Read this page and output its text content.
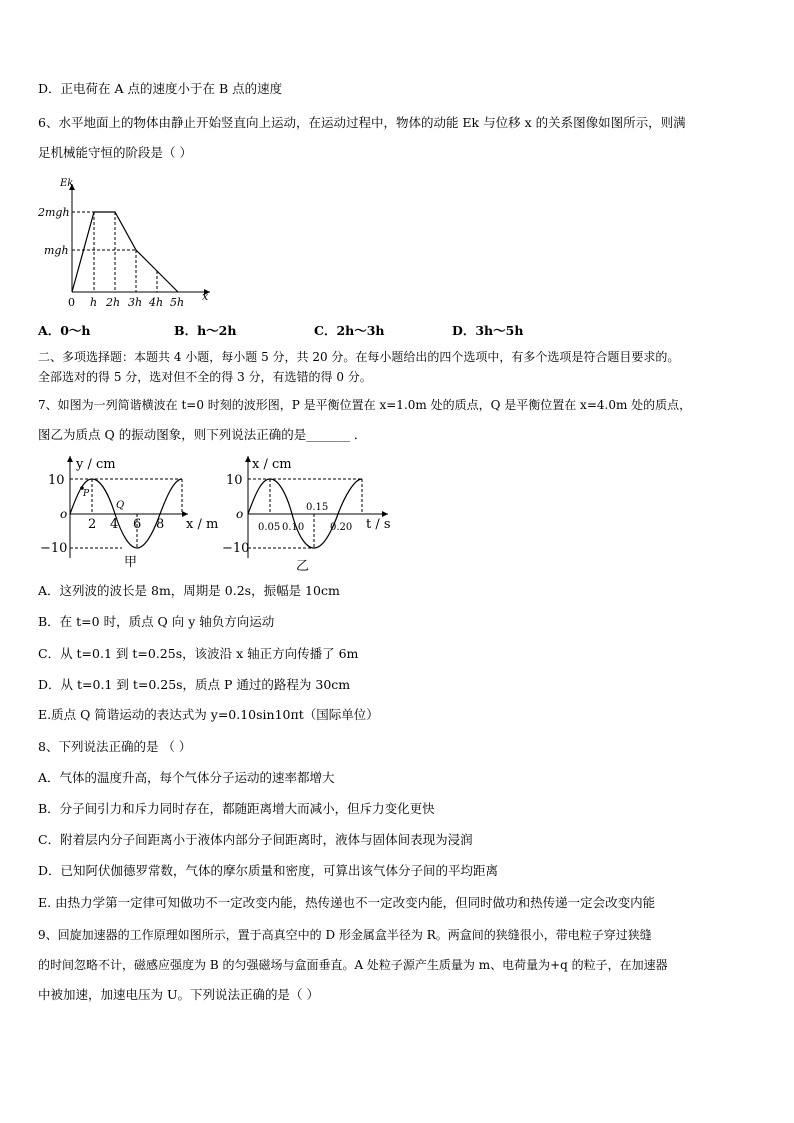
D．正电荷在 A 点的速度小于在 B 点的速度
6、水平地面上的物体由静止开始竖直向上运动，在运动过程中，物体的动能 Ek 与位移 x 的关系图像如图所示，则满
足机械能守恒的阶段是（ ）
Ek
x
0
2mgh
mgh
h 2h 3h 4h 5h
A．0～h	B．h～2h	C．2h～3h	D．3h～5h
二、多项选择题：本题共 4 小题，每小题 5 分，共 20 分。在每小题给出的四个选项中，有多个选项是符合题目要求的。
全部选对的得 5 分，选对但不全的得 3 分，有选错的得 0 分。
7、如图为一列简谐横波在 t=0 时刻的波形图，P 是平衡位置在 x=1.0m 处的质点，Q 是平衡位置在 x=4.0m 处的质点，
图乙为质点 Q 的振动图象，则下列说法正确的是_______ ．
y / cm
x / m
o
10
−10
P
Q
2 4 6 8
甲
x / cm
t / s
o
10
−10
0.05 0.10
0.15
0.20
乙
A．这列波的波长是 8m，周期是 0.2s，振幅是 10cm
B．在 t=0 时，质点 Q 向 y 轴负方向运动
C．从 t=0.1 到 t=0.25s，该波沿 x 轴正方向传播了 6m
D．从 t=0.1 到 t=0.25s，质点 P 通过的路程为 30cm
E.质点 Q 简谐运动的表达式为 y=0.10sin10πt（国际单位）
8、下列说法正确的是 （ ）
A．气体的温度升高，每个气体分子运动的速率都增大
B．分子间引力和斥力同时存在，都随距离增大而减小，但斥力变化更快
C．附着层内分子间距离小于液体内部分子间距离时，液体与固体间表现为浸润
D．已知阿伏伽德罗常数，气体的摩尔质量和密度，可算出该气体分子间的平均距离
E. 由热力学第一定律可知做功不一定改变内能，热传递也不一定改变内能，但同时做功和热传递一定会改变内能
9、回旋加速器的工作原理如图所示，置于高真空中的 D 形金属盒半径为 R。两盒间的狭缝很小，带电粒子穿过狭缝
的时间忽略不计，磁感应强度为 B 的匀强磁场与盒面垂直。A 处粒子源产生质量为 m、电荷量为+q 的粒子，在加速器
中被加速，加速电压为 U。下列说法正确的是（ ）
